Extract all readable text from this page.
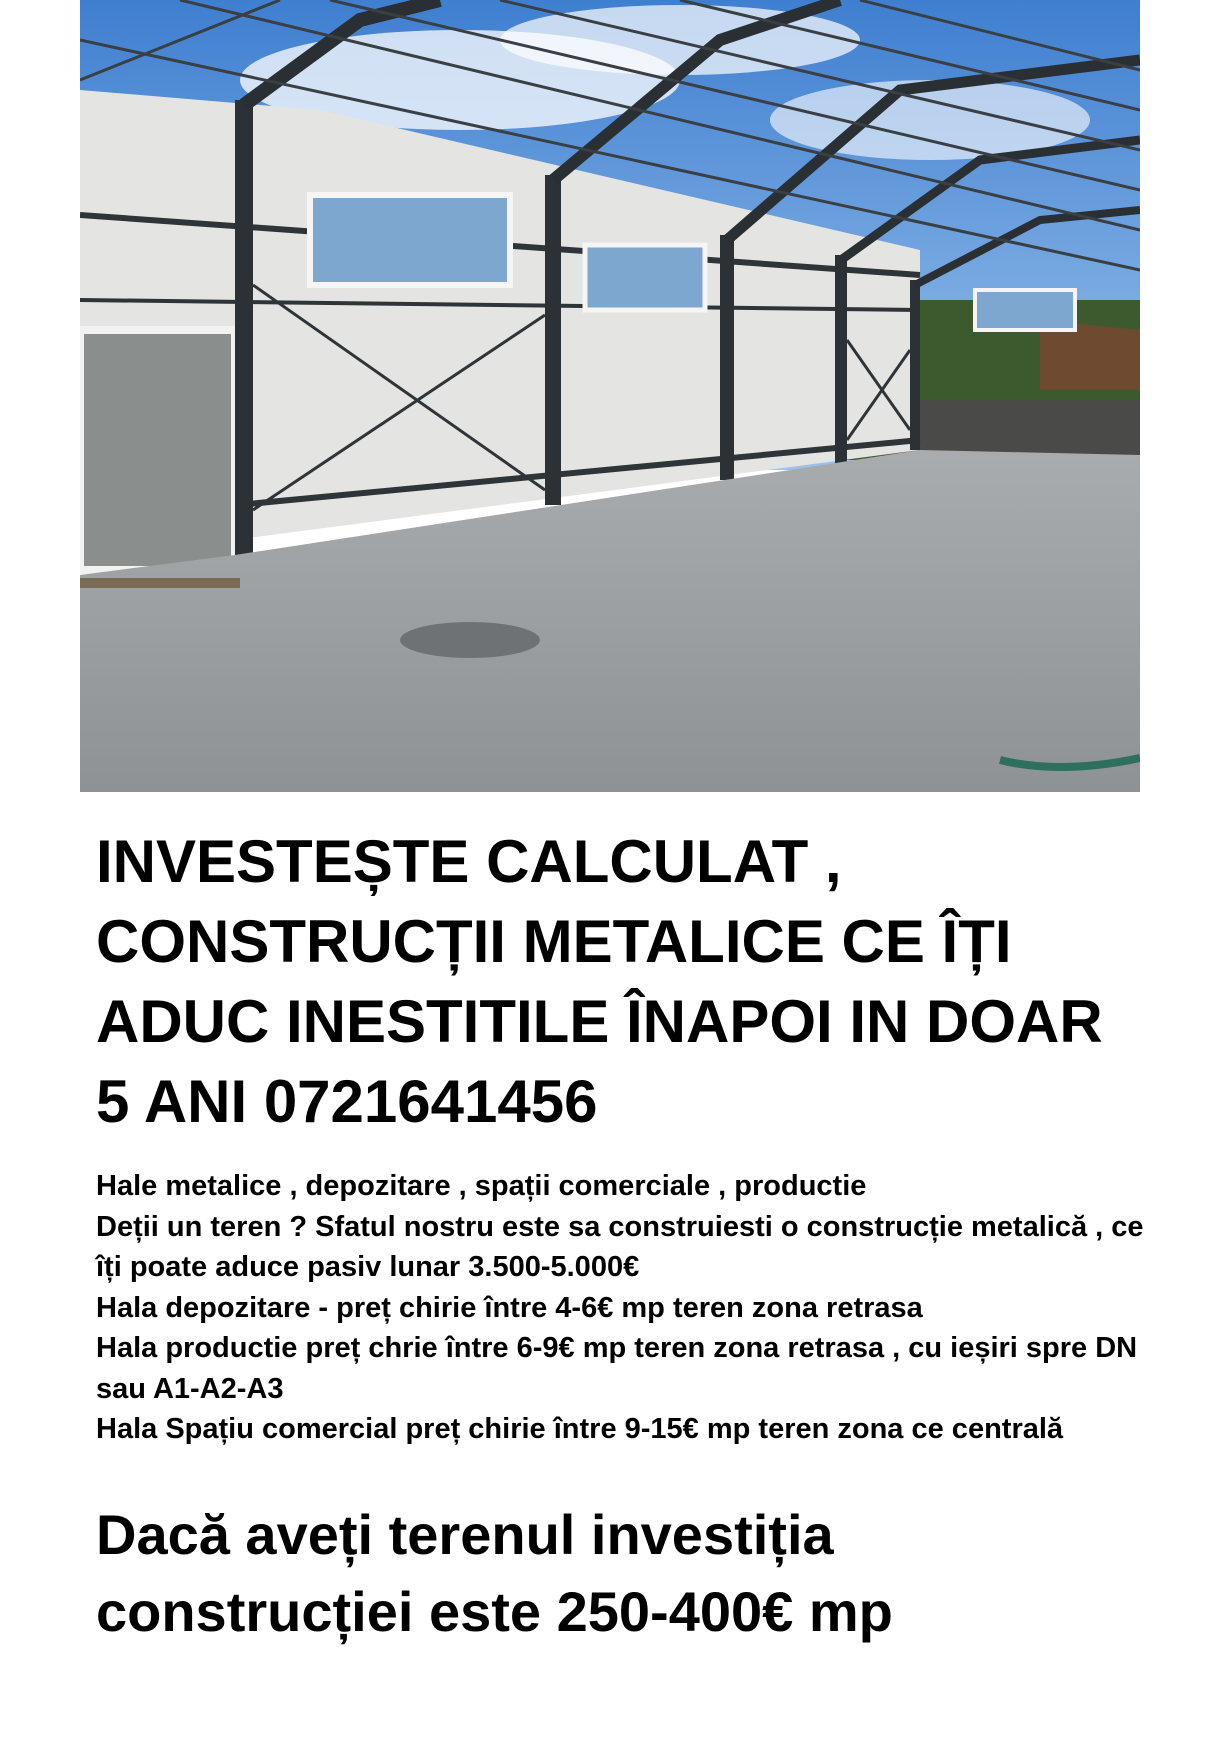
INVESTEȘTE CALCULAT , CONSTRUCȚII METALICE CE ÎȚI ADUC INESTITILE ÎNAPOI IN DOAR 5 ANI 0721641456
Hale metalice , depozitare , spații comerciale , productie
Deții un teren ? Sfatul nostru este sa construiesti o construcție metalică , ce îți poate aduce pasiv lunar 3.500-5.000€
Hala depozitare - preț chirie între 4-6€ mp teren zona retrasa
Hala productie preț chrie între 6-9€ mp teren zona retrasa , cu ieșiri spre DN sau A1-A2-A3
Hala Spațiu comercial preț chirie între 9-15€ mp teren zona ce centrală
Dacă aveți terenul investiția construcției este 250-400€ mp
